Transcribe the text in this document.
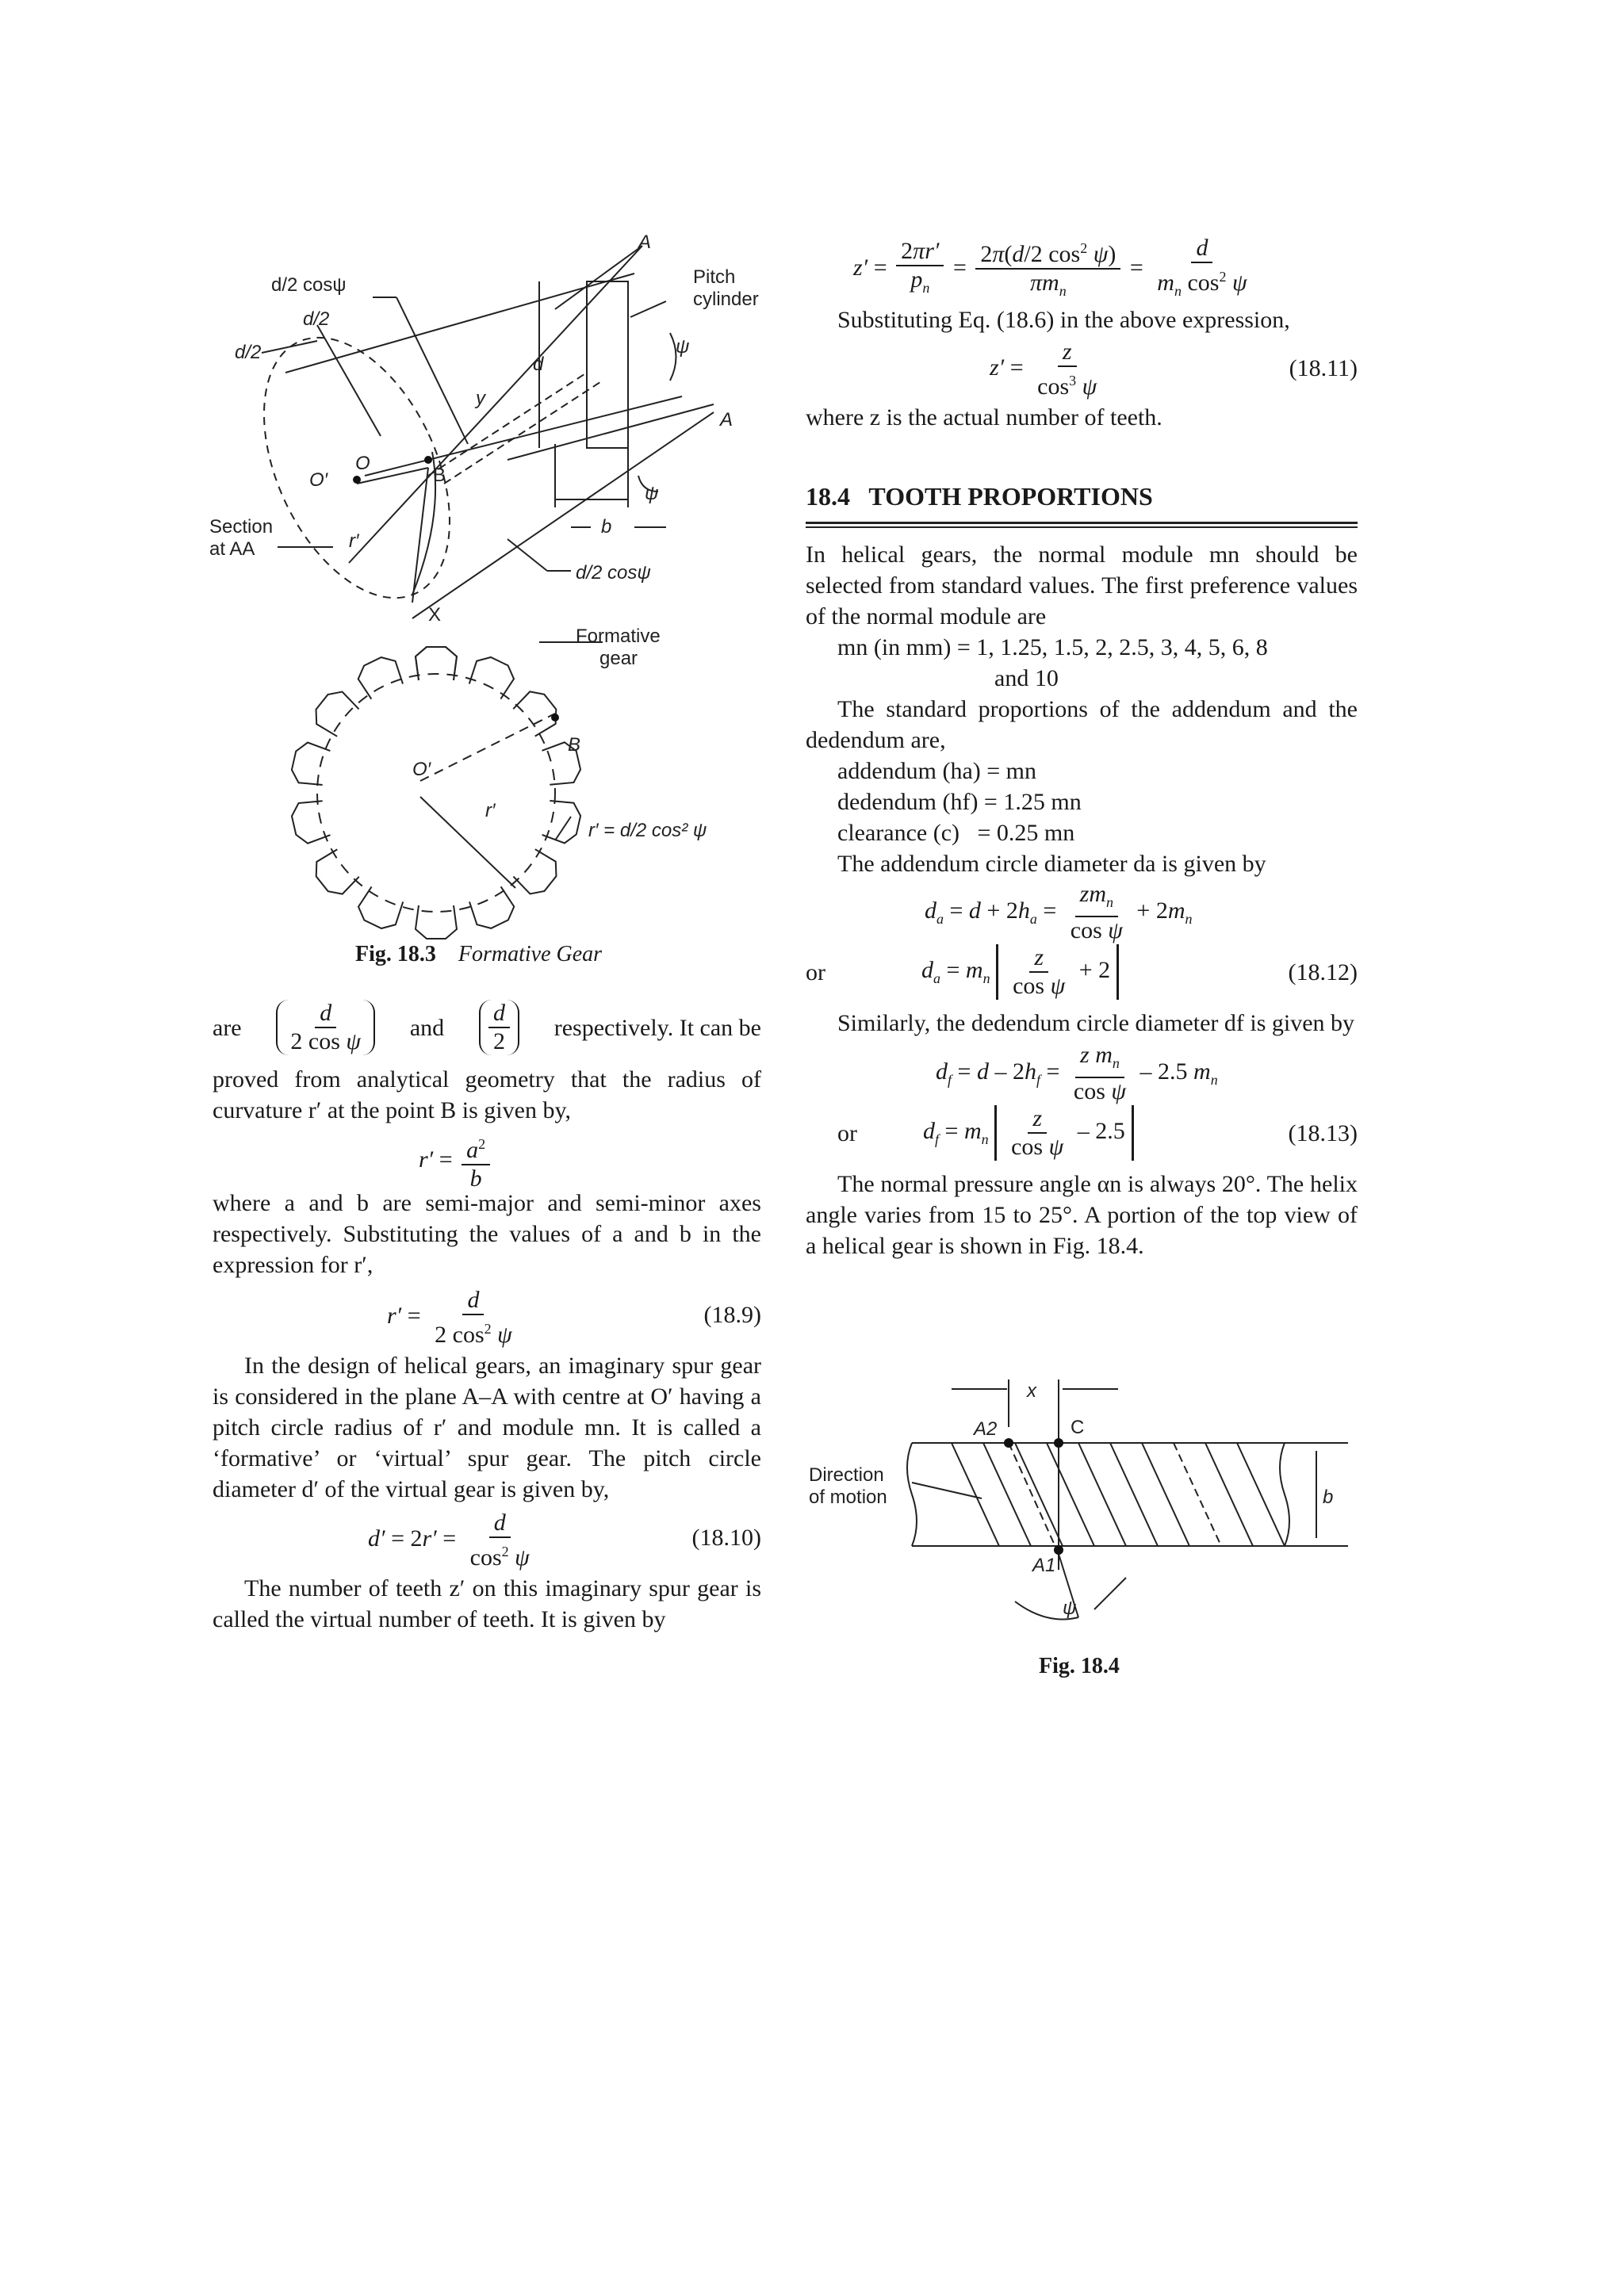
d/2 cosψ
d/2
d/2
A
Pitch
cylinder
d
ψ
A
y
O
O′	B
ψ
Section
at AA	r′
b
d/2 cosψ
X
Formative
gear
O′
B
r′
r′ = d/2 cos² ψ
Fig. 18.3 Formative Gear
are $\frac{d}{\text{2 cos ψ}}$ and $\frac{d}{2}$ respectively. It can be

proved from analytical geometry that the radius of curvature r′ at the point B is given by,

$r' = \frac{a^2}{b}$

where a and b are semi-major and semi-minor axes respectively. Substituting the values of a and b in the expression for r′,

$r' = \frac{d}{2 \cos^2 \psi}$	(18.9)

In the design of helical gears, an imaginary spur gear is considered in the plane A–A with centre at O′ having a pitch circle radius of r′ and module mn. It is called a ‘formative’ or ‘virtual’ spur gear. The pitch circle diameter d′ of the virtual gear is given by,

$d' = 2r' = \frac{d}{\cos^2 \psi}$	(18.10)

The number of teeth z′ on this imaginary spur gear is called the virtual number of teeth. It is given by

$z' = \frac{2\pi r'}{p_n} = \frac{2\pi(d/2 \cos^2 \psi)}{\pi m_n} = \frac{d}{m_n \cos^2 \psi}$

Substituting Eq. (18.6) in the above expression,

$z' = \frac{z}{\cos^3 \psi}$	(18.11)

where z is the actual number of teeth.

18.4 TOOTH PROPORTIONS

In helical gears, the normal module mn should be selected from standard values. The first preference values of the normal module are

mn (in mm) = 1, 1.25, 1.5, 2, 2.5, 3, 4, 5, 6, 8
and 10

The standard proportions of the addendum and the dedendum are,

addendum (ha) = mn
dedendum (hf) = 1.25 mn
clearance (c)   = 0.25 mn
The addendum circle diameter da is given by
$d_a = d + 2h_a = \frac{zm_n}{\text{cos ψ}} + 2m_n$
or	$d_a = m_n \frac{z}{\text{cos ψ}} + 2$	(18.12)

Similarly, the dedendum circle diameter df is given by

$d_f = d - 2h_f = \frac{z m_n}{\text{cos ψ}} - 2.5$ $m_n$
or	$d_f = m_n \frac{z}{\text{cos ψ}} - 2.5$	(18.13)

The normal pressure angle αn is always 20°. The helix angle varies from 15 to 25°. A portion of the top view of a helical gear is shown in Fig. 18.4.

x
A2	C
Direction
of motion	b
A1
ψ
Fig. 18.4
